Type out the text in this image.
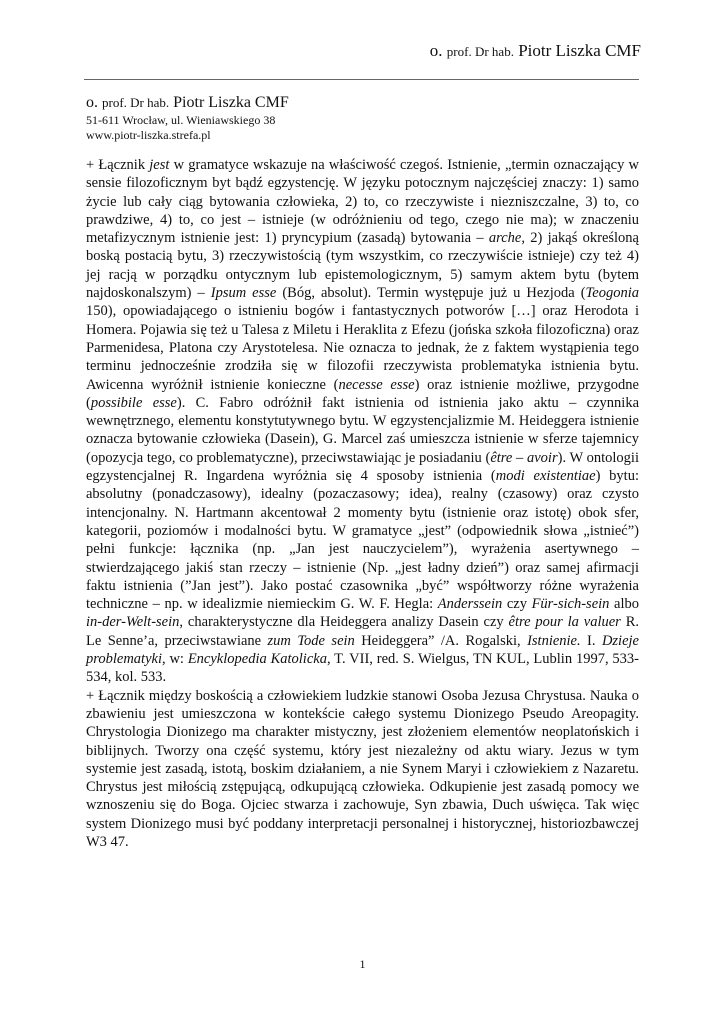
o. prof. Dr hab. Piotr Liszka CMF
o. prof. Dr hab. Piotr Liszka CMF
51-611 Wrocław, ul. Wieniawskiego 38
www.piotr-liszka.strefa.pl

+ Łącznik jest w gramatyce wskazuje na właściwość czegoś. Istnienie, „termin oznaczający w sensie filozoficznym byt bądź egzystencję. W języku potocznym najczęściej znaczy: 1) samo życie lub cały ciąg bytowania człowieka, 2) to, co rzeczywiste i niezniszczalne, 3) to, co prawdziwe, 4) to, co jest – istnieje (w odróżnieniu od tego, czego nie ma); w znaczeniu metafizycznym istnienie jest: 1) pryncypium (zasadą) bytowania – arche, 2) jakąś określoną boską postacią bytu, 3) rzeczywistością (tym wszystkim, co rzeczywiście istnieje) czy też 4) jej racją w porządku ontycznym lub epistemologicznym, 5) samym aktem bytu (bytem najdoskonalszym) – Ipsum esse (Bóg, absolut). Termin występuje już u Hezjoda (Teogonia 150), opowiadającego o istnieniu bogów i fantastycznych potworów […] oraz Herodota i Homera. Pojawia się też u Talesa z Miletu i Heraklita z Efezu (jońska szkoła filozoficzna) oraz Parmenidesa, Platona czy Arystotelesa. Nie oznacza to jednak, że z faktem wystąpienia tego terminu jednocześnie zrodziła się w filozofii rzeczywista problematyka istnienia bytu. Awicenna wyróżnił istnienie konieczne (necesse esse) oraz istnienie możliwe, przygodne (possibile esse). C. Fabro odróżnił fakt istnienia od istnienia jako aktu – czynnika wewnętrznego, elementu konstytutywnego bytu. W egzystencjalizmie M. Heideggera istnienie oznacza bytowanie człowieka (Dasein), G. Marcel zaś umieszcza istnienie w sferze tajemnicy (opozycja tego, co problematyczne), przeciwstawiając je posiadaniu (être – avoir). W ontologii egzystencjalnej R. Ingardena wyróżnia się 4 sposoby istnienia (modi existentiae) bytu: absolutny (ponadczasowy), idealny (pozaczasowy; idea), realny (czasowy) oraz czysto intencjonalny. N. Hartmann akcentował 2 momenty bytu (istnienie oraz istotę) obok sfer, kategorii, poziomów i modalności bytu. W gramatyce „jest” (odpowiednik słowa „istnieć”) pełni funkcje: łącznika (np. „Jan jest nauczycielem”), wyrażenia asertywnego – stwierdzającego jakiś stan rzeczy – istnienie (Np. „jest ładny dzień”) oraz samej afirmacji faktu istnienia (”Jan jest”). Jako postać czasownika „być” współtworzy różne wyrażenia techniczne – np. w idealizmie niemieckim G. W. F. Hegla: Anderssein czy Für-sich-sein albo in-der-Welt-sein, charakterystyczne dla Heideggera analizy Dasein czy être pour la valuer R. Le Senne’a, przeciwstawiane zum Tode sein Heideggera” /A. Rogalski, Istnienie. I. Dzieje problematyki, w: Encyklopedia Katolicka, T. VII, red. S. Wielgus, TN KUL, Lublin 1997, 533-534, kol. 533.

+ Łącznik między boskością a człowiekiem ludzkie stanowi Osoba Jezusa Chrystusa. Nauka o zbawieniu jest umieszczona w kontekście całego systemu Dionizego Pseudo Areopagity. Chrystologia Dionizego ma charakter mistyczny, jest złożeniem elementów neoplatońskich i biblijnych. Tworzy ona część systemu, który jest niezależny od aktu wiary. Jezus w tym systemie jest zasadą, istotą, boskim działaniem, a nie Synem Maryi i człowiekiem z Nazaretu. Chrystus jest miłością zstępującą, odkupującą człowieka. Odkupienie jest zasadą pomocy we wznoszeniu się do Boga. Ojciec stwarza i zachowuje, Syn zbawia, Duch uświęca. Tak więc system Dionizego musi być poddany interpretacji personalnej i historycznej, historiozbawczej W3 47.

1
